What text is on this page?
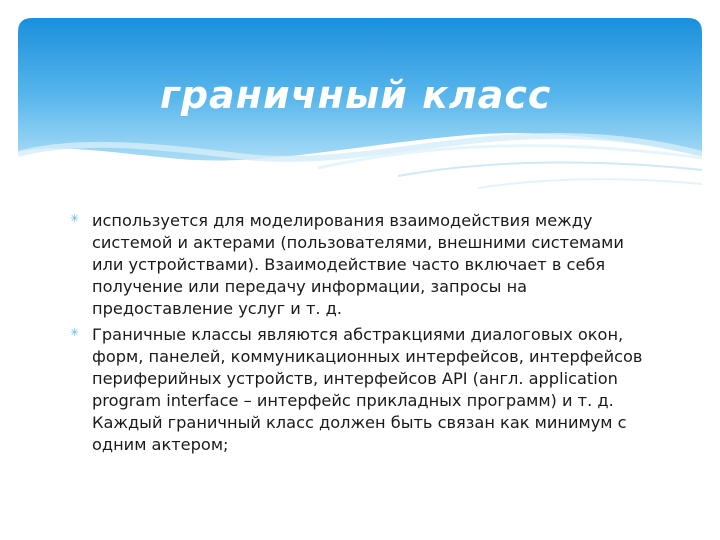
граничный класс
✳ используется для моделирования взаимодействия между системой и актерами (пользователями, внешними системами или устройствами). Взаимодействие часто включает в себя получение или передачу информации, запросы на предоставление услуг и т. д.
✳ Граничные классы являются абстракциями диалоговых окон, форм, панелей, коммуникационных интерфейсов, интерфейсов периферийных устройств, интерфейсов API (англ. application program interface – интерфейс прикладных программ) и т. д. Каждый граничный класс должен быть связан как минимум с одним актером;
